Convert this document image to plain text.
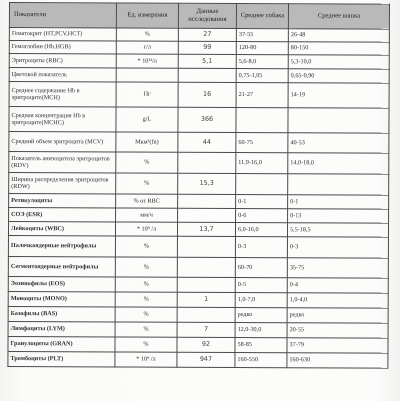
Показатели	Ед. измерения	Данные исследования	Среднее собака	Среднее кошка
Гематокрит (HT,PCV,HCT)	%	27	37-55	26-48
Гемоглобин (Hb,HGB)	г/л	99	120-80	80-150
Эритроциты (RBC)	* 10¹²/л	5,1	5,6-8,0	5,3-10,0
Цветовой показатель			0,75-1,05	0,65-0,90
Среднее содержание Hb в эритроците(MCH)	Пг	16	21-27	14-19
Средняя концентрация Hb в эритроците(MCHC)	g/L	366		
Средний объем эритроцита (MCV)	Мкм³(fn)	44	60-75	40-53
Показатель анизоцитоза эритроцитов (RDV)	%		11,9-16,0	14,0-18,0
Ширина распределения эритроцитов (RDW)	%	15,3		
Ретикулоциты	% от RBC		0-1	0-1
СОЭ (ESR)	мм/ч		0-6	0-13
Лейкоциты (WBC)	* 10⁹ /л	13,7	6,0-16,0	5,5-18,5
Палочкоядерные нейтрофилы	%		0-3	0-3
Сегментоядерные нейтрофилы	%		60-70	35-75
Эозинофилы (EOS)	%		0-5	0-4
Моноциты (MONO)	%	1	1,0-7,0	1,0-4,0
Базофилы (BAS)	%		редко	редко
Лимфоциты (LYM)	%	7	12,0-30,0	20-55
Гранулоциты (GRAN)	%	92	58-85	37-79
Тромбоциты (PLT)	* 10⁹ /л	947	160-550	160-630
